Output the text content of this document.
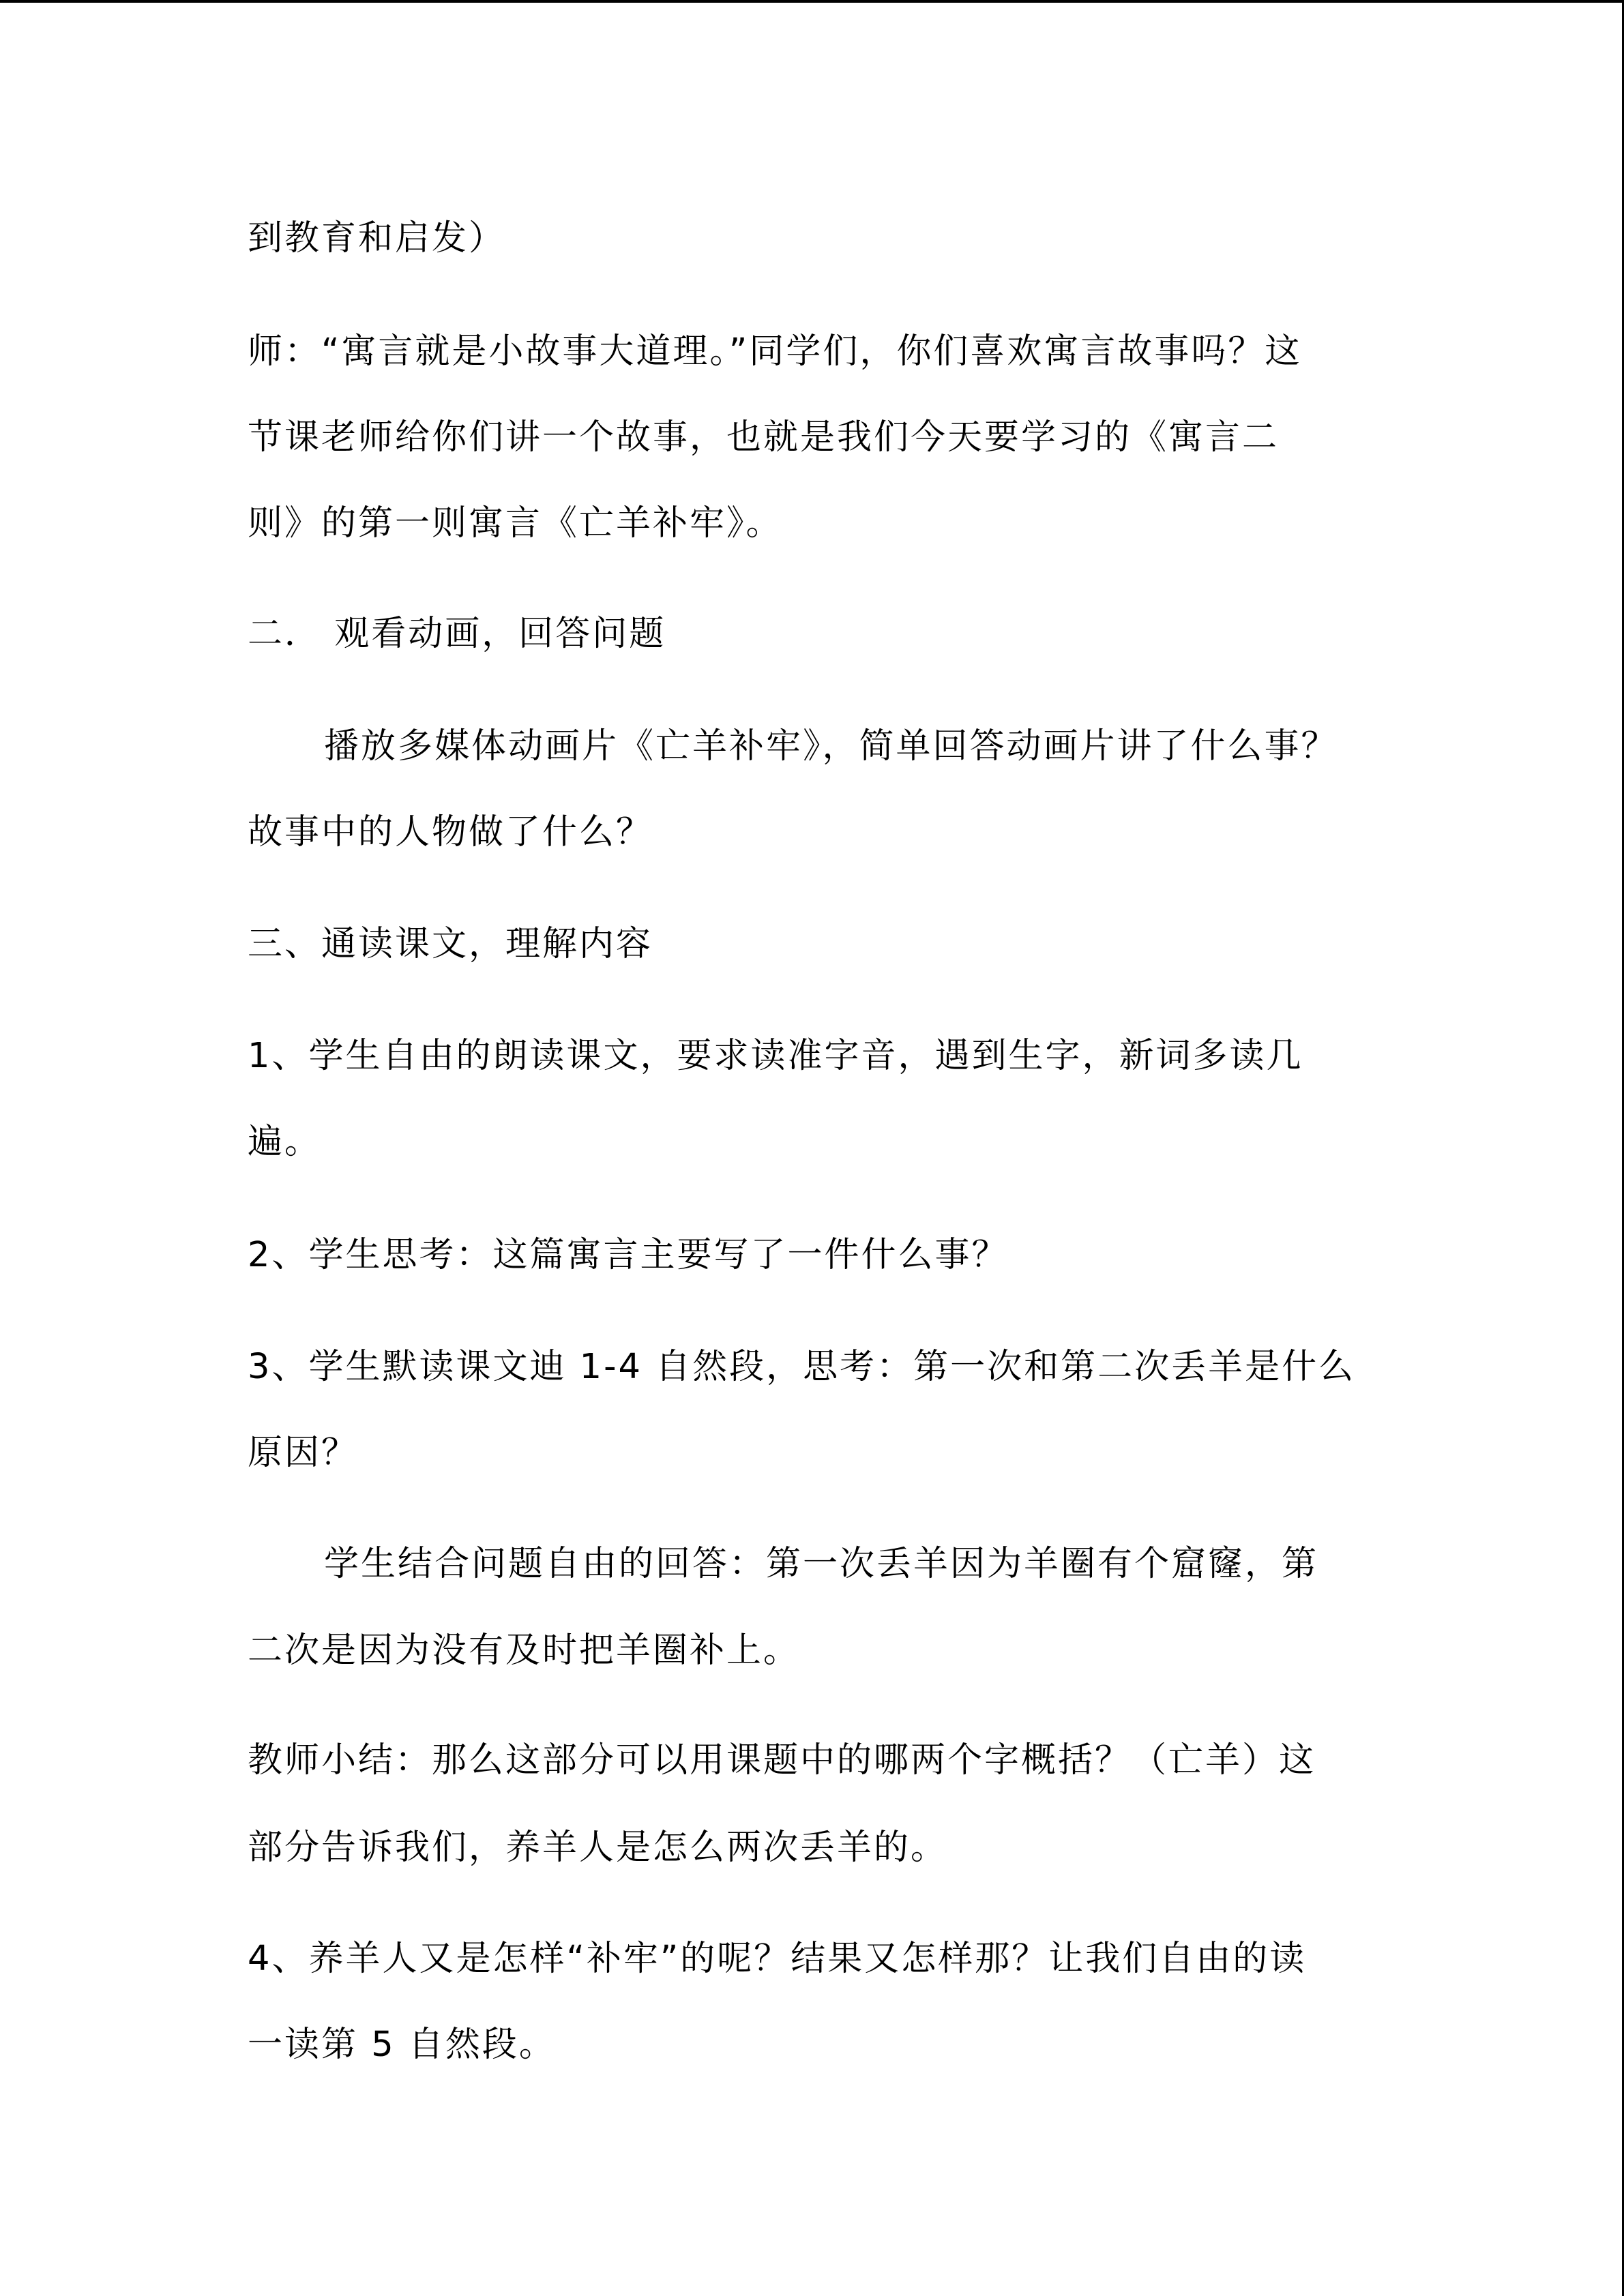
到教育和启发）
师：“寓言就是小故事大道理。”同学们，你们喜欢寓言故事吗？这
节课老师给你们讲一个故事，也就是我们今天要学习的《寓言二
则》的第一则寓言《亡羊补牢》。
二． 观看动画，回答问题
播放多媒体动画片《亡羊补牢》，简单回答动画片讲了什么事？
故事中的人物做了什么？
三、通读课文，理解内容
1、学生自由的朗读课文，要求读准字音，遇到生字，新词多读几
遍。
2、学生思考：这篇寓言主要写了一件什么事？
3、学生默读课文迪 1-4 自然段，思考：第一次和第二次丢羊是什么
原因？
学生结合问题自由的回答：第一次丢羊因为羊圈有个窟窿，第
二次是因为没有及时把羊圈补上。
教师小结：那么这部分可以用课题中的哪两个字概括？（亡羊）这
部分告诉我们，养羊人是怎么两次丢羊的。
4、养羊人又是怎样“补牢”的呢？结果又怎样那？让我们自由的读
一读第 5 自然段。
